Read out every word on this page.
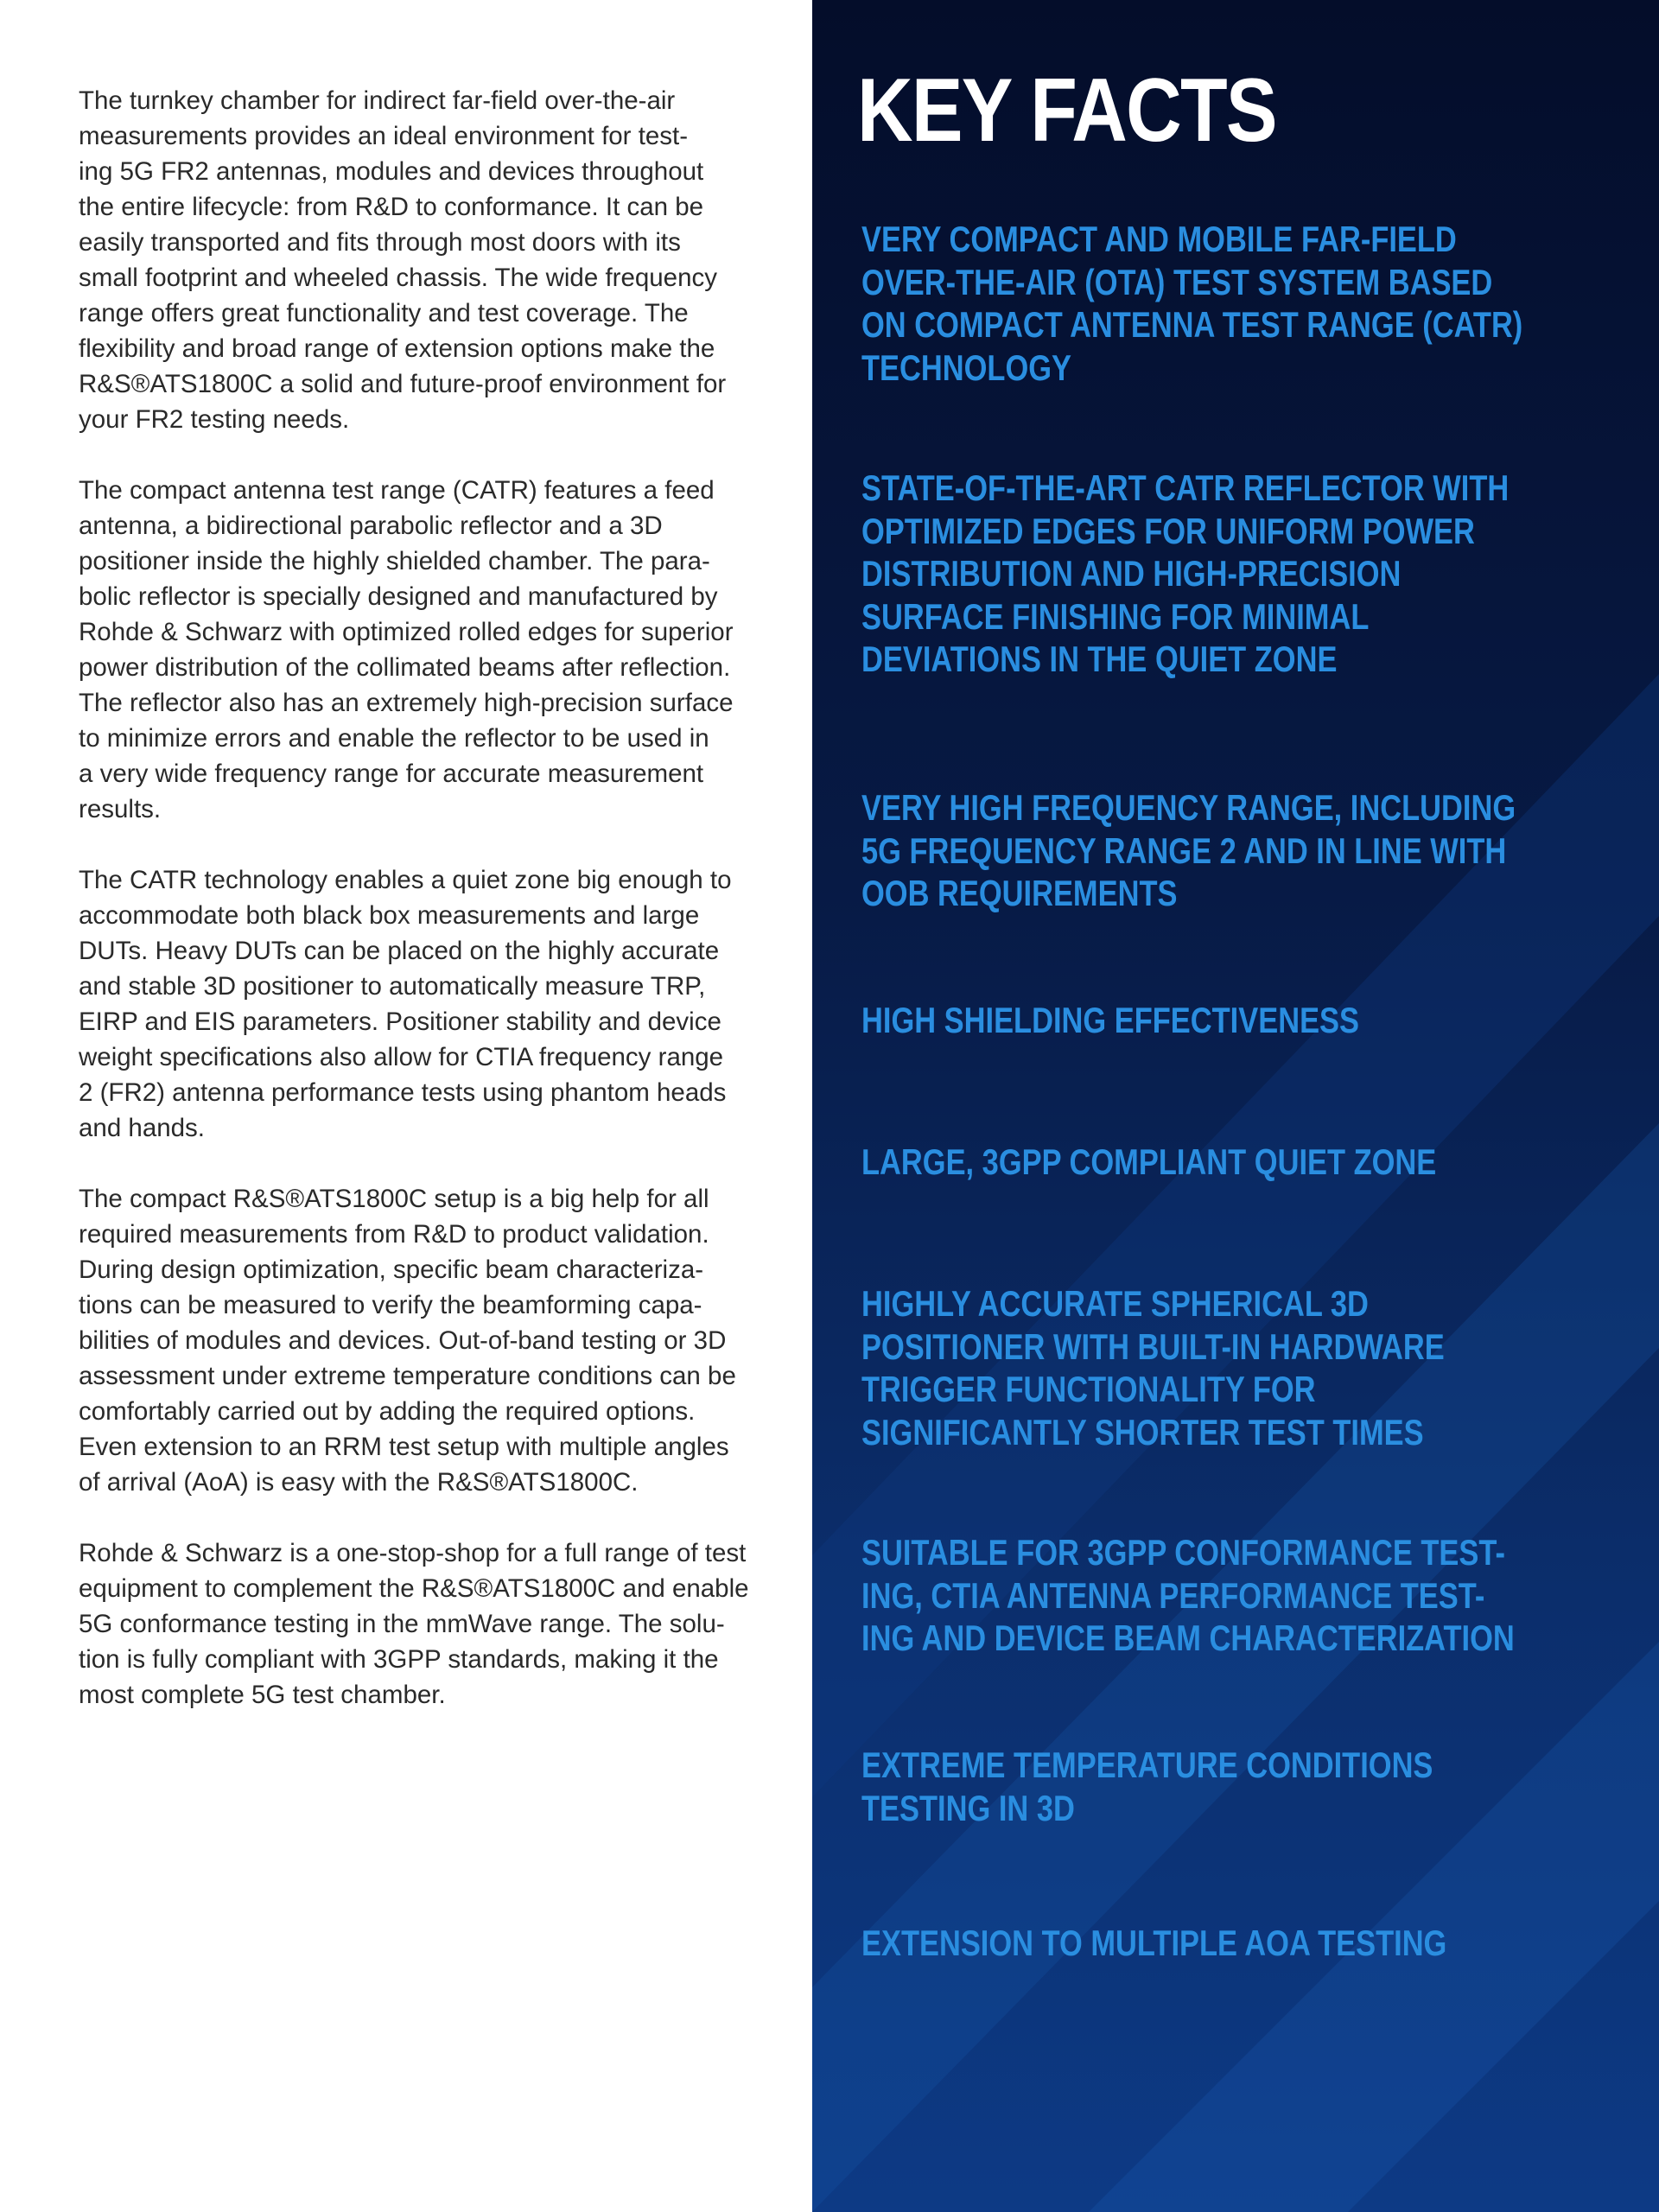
The turnkey chamber for indirect far-field over-the-air
measurements provides an ideal environment for test-
ing 5G FR2 antennas, modules and devices throughout
the entire lifecycle: from R&D to conformance. It can be
easily transported and fits through most doors with its
small footprint and wheeled chassis. The wide frequency
range offers great functionality and test coverage. The
flexibility and broad range of extension options make the
R&S®ATS1800C a solid and future-proof environment for
your FR2 testing needs.

The compact antenna test range (CATR) features a feed
antenna, a bidirectional parabolic reflector and a 3D
positioner inside the highly shielded chamber. The para-
bolic reflector is specially designed and manufactured by
Rohde & Schwarz with optimized rolled edges for superior
power distribution of the collimated beams after reflection.
The reflector also has an extremely high-precision surface
to minimize errors and enable the reflector to be used in
a very wide frequency range for accurate measurement
results.

The CATR technology enables a quiet zone big enough to
accommodate both black box measurements and large
DUTs. Heavy DUTs can be placed on the highly accurate
and stable 3D positioner to automatically measure TRP,
EIRP and EIS parameters. Positioner stability and device
weight specifications also allow for CTIA frequency range
2 (FR2) antenna performance tests using phantom heads
and hands.

The compact R&S®ATS1800C setup is a big help for all
required measurements from R&D to product validation.
During design optimization, specific beam characteriza-
tions can be measured to verify the beamforming capa-
bilities of modules and devices. Out-of-band testing or 3D
assessment under extreme temperature conditions can be
comfortably carried out by adding the required options.
Even extension to an RRM test setup with multiple angles
of arrival (AoA) is easy with the R&S®ATS1800C.

Rohde & Schwarz is a one-stop-shop for a full range of test
equipment to complement the R&S®ATS1800C and enable
5G conformance testing in the mmWave range. The solu-
tion is fully compliant with 3GPP standards, making it the
most complete 5G test chamber.

KEY FACTS
VERY COMPACT AND MOBILE FAR-FIELD
OVER-THE-AIR (OTA) TEST SYSTEM BASED
ON COMPACT ANTENNA TEST RANGE (CATR)
TECHNOLOGY
STATE-OF-THE-ART CATR REFLECTOR WITH
OPTIMIZED EDGES FOR UNIFORM POWER
DISTRIBUTION AND HIGH-PRECISION
SURFACE FINISHING FOR MINIMAL
DEVIATIONS IN THE QUIET ZONE
VERY HIGH FREQUENCY RANGE, INCLUDING
5G FREQUENCY RANGE 2 AND IN LINE WITH
OOB REQUIREMENTS
HIGH SHIELDING EFFECTIVENESS
LARGE, 3GPP COMPLIANT QUIET ZONE
HIGHLY ACCURATE SPHERICAL 3D
POSITIONER WITH BUILT-IN HARDWARE
TRIGGER FUNCTIONALITY FOR
SIGNIFICANTLY SHORTER TEST TIMES
SUITABLE FOR 3GPP CONFORMANCE TEST-
ING, CTIA ANTENNA PERFORMANCE TEST-
ING AND DEVICE BEAM CHARACTERIZATION
EXTREME TEMPERATURE CONDITIONS
TESTING IN 3D
EXTENSION TO MULTIPLE AOA TESTING
